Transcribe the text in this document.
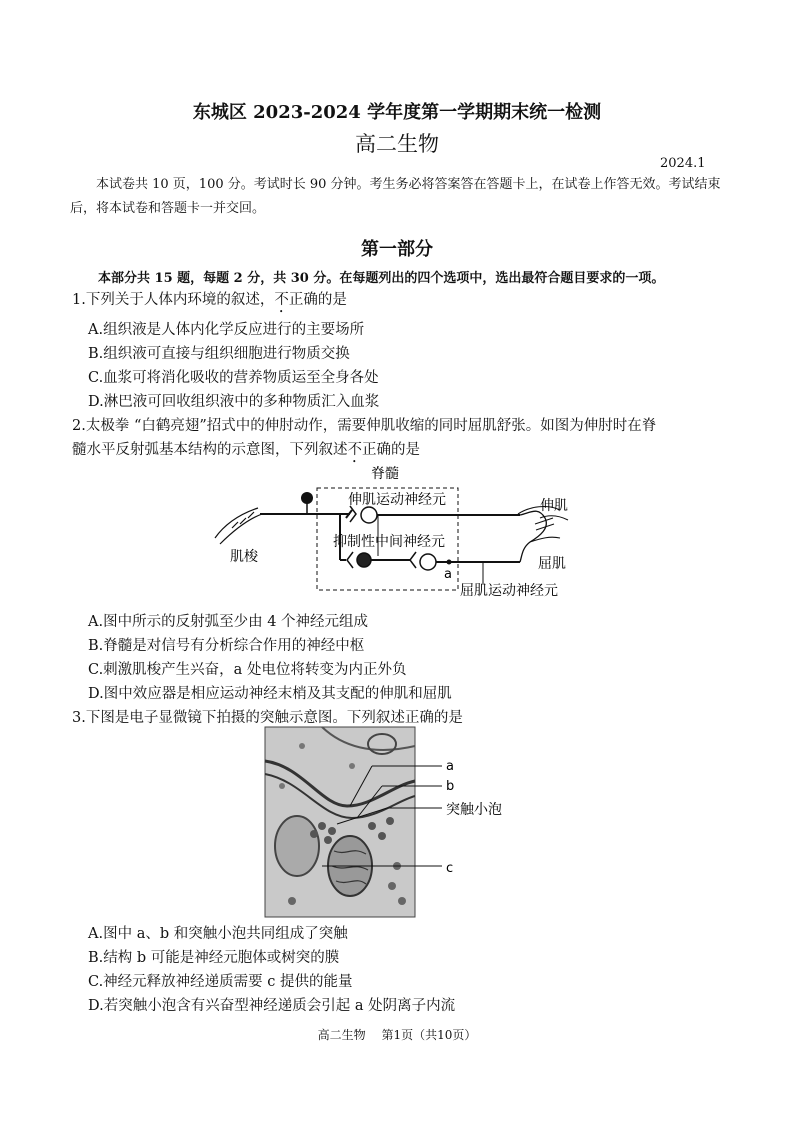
东城区 2023-2024 学年度第一学期期末统一检测
高二生物
2024.1
本试卷共 10 页，100 分。考试时长 90 分钟。考生务必将答案答在答题卡上，在试卷上作答无效。考试结束后，将本试卷和答题卡一并交回。
第一部分
本部分共 15 题，每题 2 分，共 30 分。在每题列出的四个选项中，选出最符合题目要求的一项。
1.下列关于人体内环境的叙述，不正确的是
A.组织液是人体内化学反应进行的主要场所
B.组织液可直接与组织细胞进行物质交换
C.血浆可将消化吸收的营养物质运至全身各处
D.淋巴液可回收组织液中的多种物质汇入血浆
2.太极拳 “白鹤亮翅”招式中的伸肘动作，需要伸肌收缩的同时屈肌舒张。如图为伸肘时在脊
髓水平反射弧基本结构的示意图，下列叙述不正确的是
脊髓
肌梭
伸肌运动神经元
a
抑制性中间神经元
伸肌
屈肌
屈肌运动神经元
A.图中所示的反射弧至少由 4 个神经元组成
B.脊髓是对信号有分析综合作用的神经中枢
C.刺激肌梭产生兴奋，a 处电位将转变为内正外负
D.图中效应器是相应运动神经末梢及其支配的伸肌和屈肌
3.下图是电子显微镜下拍摄的突触示意图。下列叙述正确的是
a
b
突触小泡
c
A.图中 a、b 和突触小泡共同组成了突触
B.结构 b 可能是神经元胞体或树突的膜
C.神经元释放神经递质需要 c 提供的能量
D.若突触小泡含有兴奋型神经递质会引起 a 处阴离子内流
高二生物　 第1页（共10页）
